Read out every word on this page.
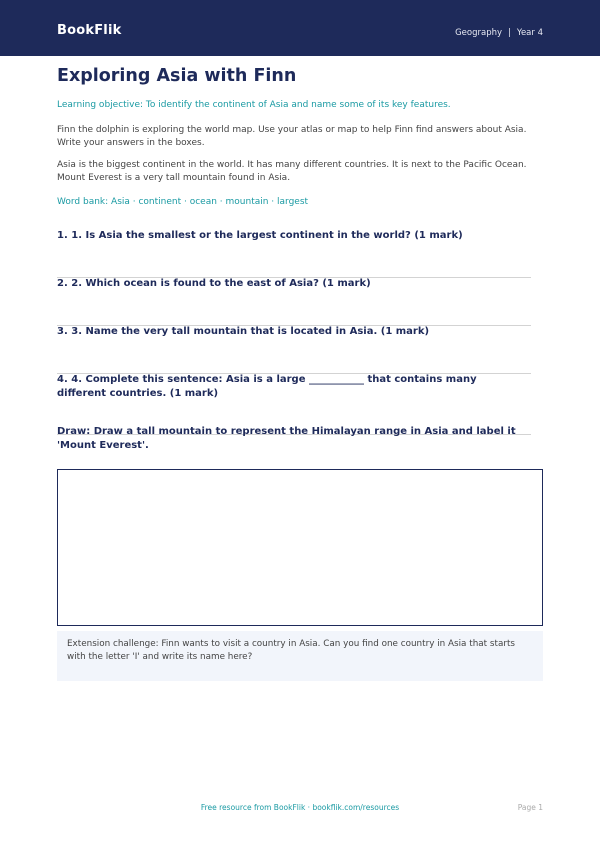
BookFlik	Geography | Year 4
Exploring Asia with Finn
Learning objective: To identify the continent of Asia and name some of its key features.
Finn the dolphin is exploring the world map. Use your atlas or map to help Finn find answers about Asia. Write your answers in the boxes.
Asia is the biggest continent in the world. It has many different countries. It is next to the Pacific Ocean. Mount Everest is a very tall mountain found in Asia.
Word bank: Asia · continent · ocean · mountain · largest
1. 1. Is Asia the smallest or the largest continent in the world? (1 mark)
2. 2. Which ocean is found to the east of Asia? (1 mark)
3. 3. Name the very tall mountain that is located in Asia. (1 mark)
4. 4. Complete this sentence: Asia is a large ___________ that contains many different countries. (1 mark)
Draw: Draw a tall mountain to represent the Himalayan range in Asia and label it 'Mount Everest'.
Extension challenge: Finn wants to visit a country in Asia. Can you find one country in Asia that starts with the letter 'I' and write its name here?
Free resource from BookFlik · bookflik.com/resources	Page 1
